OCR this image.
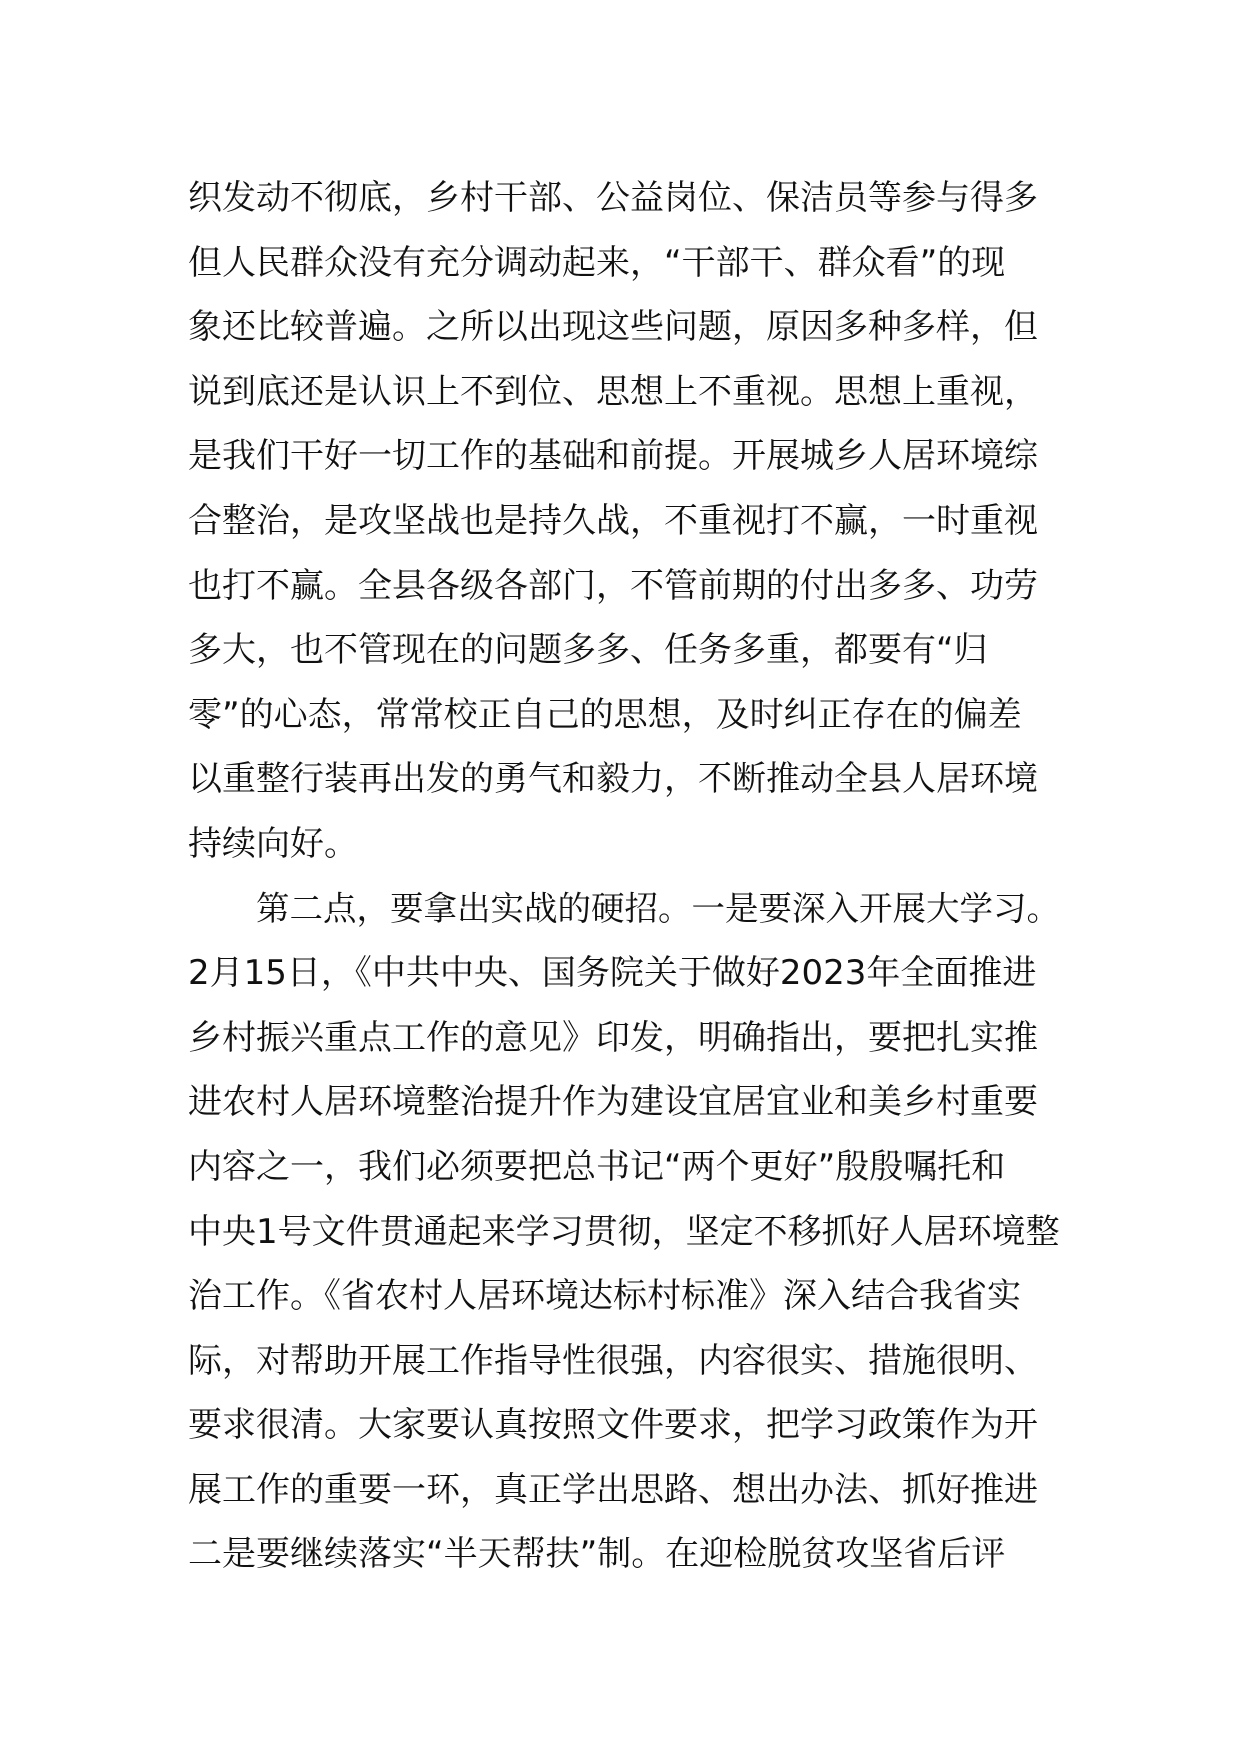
织发动不彻底，乡村干部、公益岗位、保洁员等参与得多
但人民群众没有充分调动起来，“干部干、群众看”的现
象还比较普遍。之所以出现这些问题，原因多种多样，但
说到底还是认识上不到位、思想上不重视。思想上重视，
是我们干好一切工作的基础和前提。开展城乡人居环境综
合整治，是攻坚战也是持久战，不重视打不赢，一时重视
也打不赢。全县各级各部门，不管前期的付出多多、功劳
多大，也不管现在的问题多多、任务多重，都要有“归
零”的心态，常常校正自己的思想，及时纠正存在的偏差
以重整行装再出发的勇气和毅力，不断推动全县人居环境
持续向好。
第二点，要拿出实战的硬招。一是要深入开展大学习。
2月15日，《中共中央、国务院关于做好2023年全面推进
乡村振兴重点工作的意见》印发，明确指出，要把扎实推
进农村人居环境整治提升作为建设宜居宜业和美乡村重要
内容之一，我们必须要把总书记“两个更好”殷殷嘱托和
中央1号文件贯通起来学习贯彻，坚定不移抓好人居环境整
治工作。《省农村人居环境达标村标准》深入结合我省实
际，对帮助开展工作指导性很强，内容很实、措施很明、
要求很清。大家要认真按照文件要求，把学习政策作为开
展工作的重要一环，真正学出思路、想出办法、抓好推进
二是要继续落实“半天帮扶”制。在迎检脱贫攻坚省后评
